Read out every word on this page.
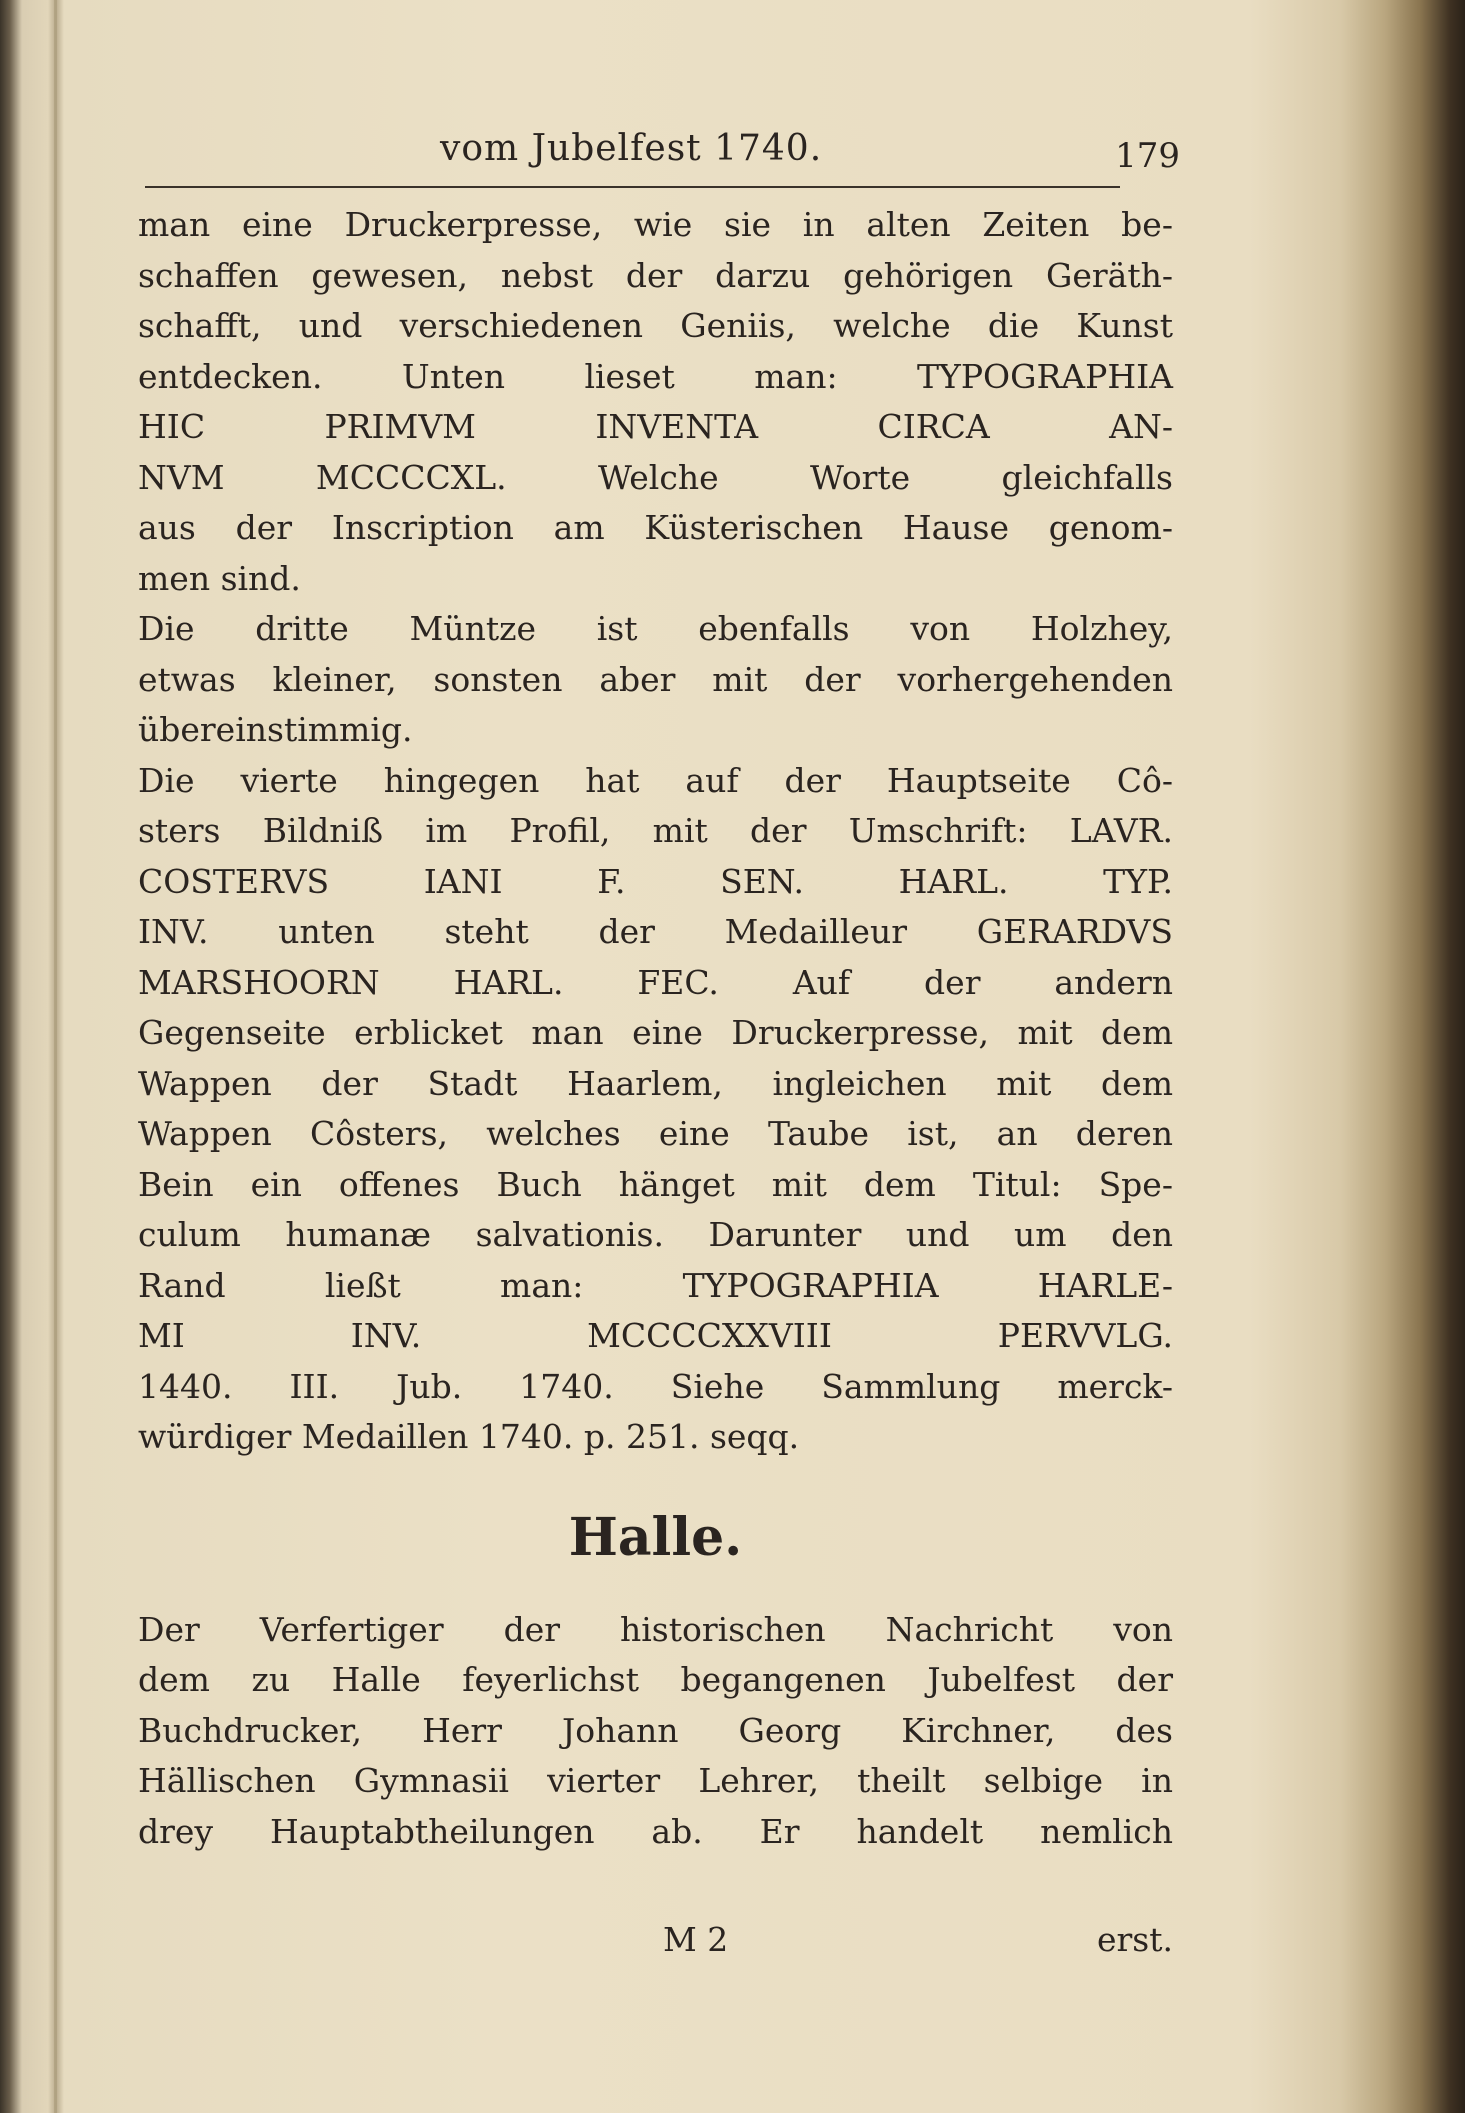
vom Jubelfest 1740.	179
man eine Druckerpresse, wie sie in alten Zeiten be-
schaffen gewesen, nebst der darzu gehörigen Geräth-
schafft, und verschiedenen Geniis, welche die Kunst
entdecken. Unten lieset man: TYPOGRAPHIA
HIC PRIMVM INVENTA CIRCA AN-
NVM MCCCCXL. Welche Worte gleichfalls
aus der Inscription am Küsterischen Hause genom-
men sind.
Die dritte Müntze ist ebenfalls von Holzhey,
etwas kleiner, sonsten aber mit der vorhergehenden
übereinstimmig.
Die vierte hingegen hat auf der Hauptseite Cô-
sters Bildniß im Profil, mit der Umschrift: LAVR.
COSTERVS IANI F. SEN. HARL. TYP.
INV. unten steht der Medailleur GERARDVS
MARSHOORN HARL. FEC. Auf der andern
Gegenseite erblicket man eine Druckerpresse, mit dem
Wappen der Stadt Haarlem, ingleichen mit dem
Wappen Côsters, welches eine Taube ist, an deren
Bein ein offenes Buch hänget mit dem Titul: Spe-
culum humanæ salvationis. Darunter und um den
Rand ließt man: TYPOGRAPHIA HARLE-
MI INV. MCCCCXXVIII PERVVLG.
1440. III. Jub. 1740. Siehe Sammlung merck-
würdiger Medaillen 1740. p. 251. seqq.
Halle.
Der Verfertiger der historischen Nachricht von
dem zu Halle feyerlichst begangenen Jubelfest der
Buchdrucker, Herr Johann Georg Kirchner, des
Hällischen Gymnasii vierter Lehrer, theilt selbige in
drey Hauptabtheilungen ab. Er handelt nemlich
M 2	erst.
